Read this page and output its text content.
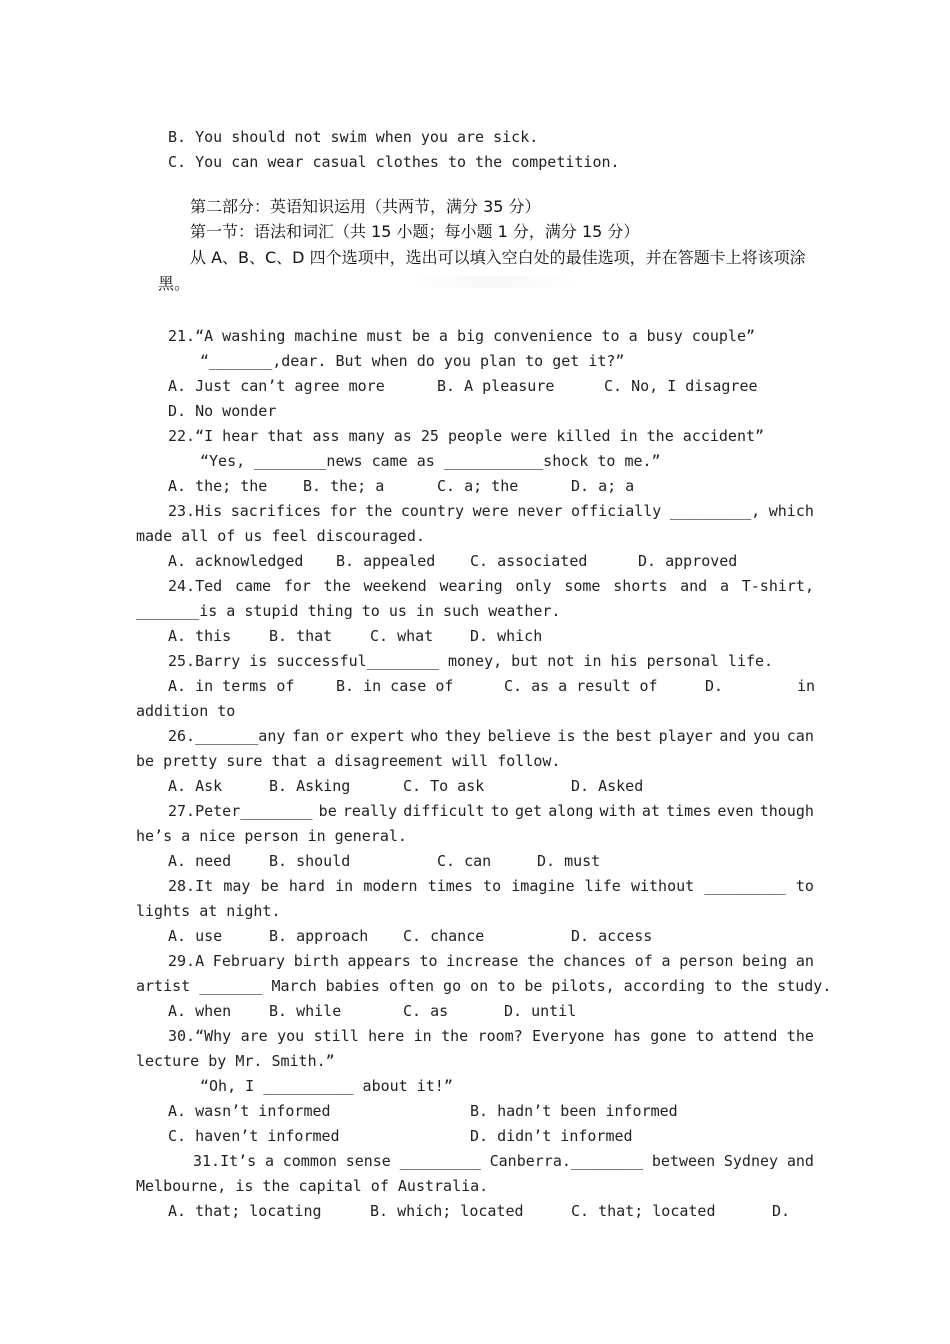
B. You should not swim when you are sick.
C. You can wear casual clothes to the competition.
第二部分：英语知识运用（共两节，满分 35 分）
第一节：语法和词汇（共 15 小题；每小题 1 分，满分 15 分）
从 A、B、C、D 四个选项中，选出可以填入空白处的最佳选项，并在答题卡上将该项涂
黑。
21.“A washing machine must be a big convenience to a busy couple”
“_______,dear. But when do you plan to get it?”
A. Just can’t agree more	B. A pleasure	C. No, I disagree
D. No wonder
22.“I hear that ass many as 25 people were killed in the accident”
“Yes, ________news came as ___________shock to me.”
A. the; the B. the; a	C. a; the	D. a; a
23.His sacrifices for the country were never officially _________, which
made all of us feel discouraged.
A. acknowledged B. appealed C. associated	D. approved
24.Ted came for the weekend wearing only some shorts and a T-shirt,
_______is a stupid thing to us in such weather.
A. this	B. that	C. what D. which
25.Barry is successful________ money, but not in his personal life.
A. in terms of	B. in case of	C. as a result of	D.	in
addition to
26._______any fan or expert who they believe is the best player and you can
be pretty sure that a disagreement will follow.
A. Ask	B. Asking	C. To ask	D. Asked
27.Peter________ be really difficult to get along with at times even though
he’s a nice person in general.
A. need	B. should	C. can	D. must
28.It may be hard in modern times to imagine life without _________ to
lights at night.
A. use	B. approach C. chance	D. access
29.A February birth appears to increase the chances of a person being an
artist _______ March babies often go on to be pilots, according to the study.
A. when	B. while	C. as	D. until
30.“Why are you still here in the room? Everyone has gone to attend the
lecture by Mr. Smith.”
“Oh, I __________ about it!”
A. wasn’t informed	B. hadn’t been informed
C. haven’t informed	D. didn’t informed
31.It’s a common sense _________ Canberra.________ between Sydney and
Melbourne, is the capital of Australia.
A. that; locating	B. which; located	C. that; located	D.
